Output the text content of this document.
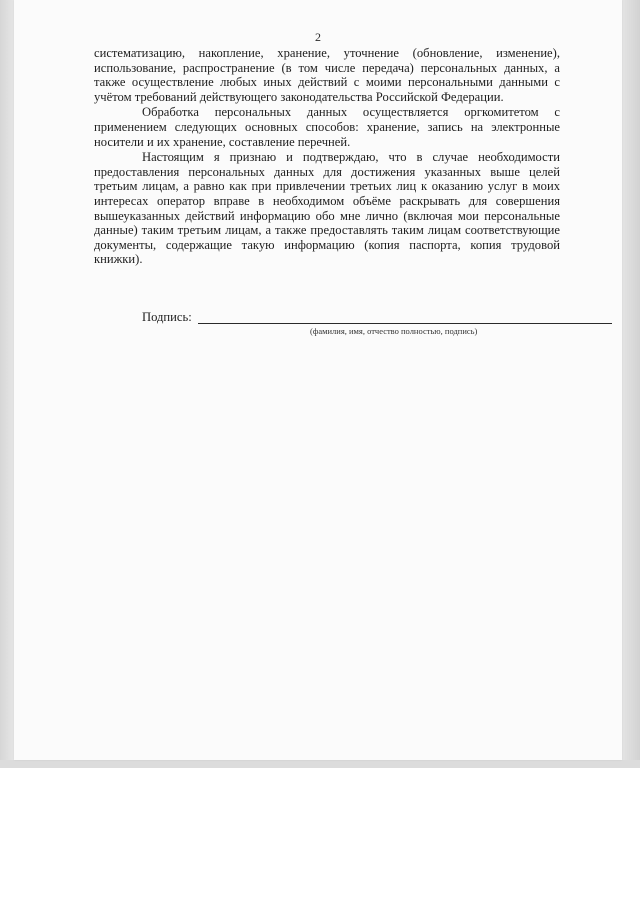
2

систематизацию, накопление, хранение, уточнение (обновление, изменение), использование, распространение (в том числе передача) персональных данных, а также осуществление любых иных действий с моими персональными данными с учётом требований действующего законодательства Российской Федерации.

Обработка персональных данных осуществляется оргкомитетом с применением следующих основных способов: хранение, запись на электронные носители и их хранение, составление перечней.

Настоящим я признаю и подтверждаю, что в случае необходимости предоставления персональных данных для достижения указанных выше целей третьим лицам, а равно как при привлечении третьих лиц к оказанию услуг в моих интересах оператор вправе в необходимом объёме раскрывать для совершения вышеуказанных действий информацию обо мне лично (включая мои персональные данные) таким третьим лицам, а также предоставлять таким лицам соответствующие документы, содержащие такую информацию (копия паспорта, копия трудовой книжки).

Подпись:
(фамилия, имя, отчество полностью, подпись)
